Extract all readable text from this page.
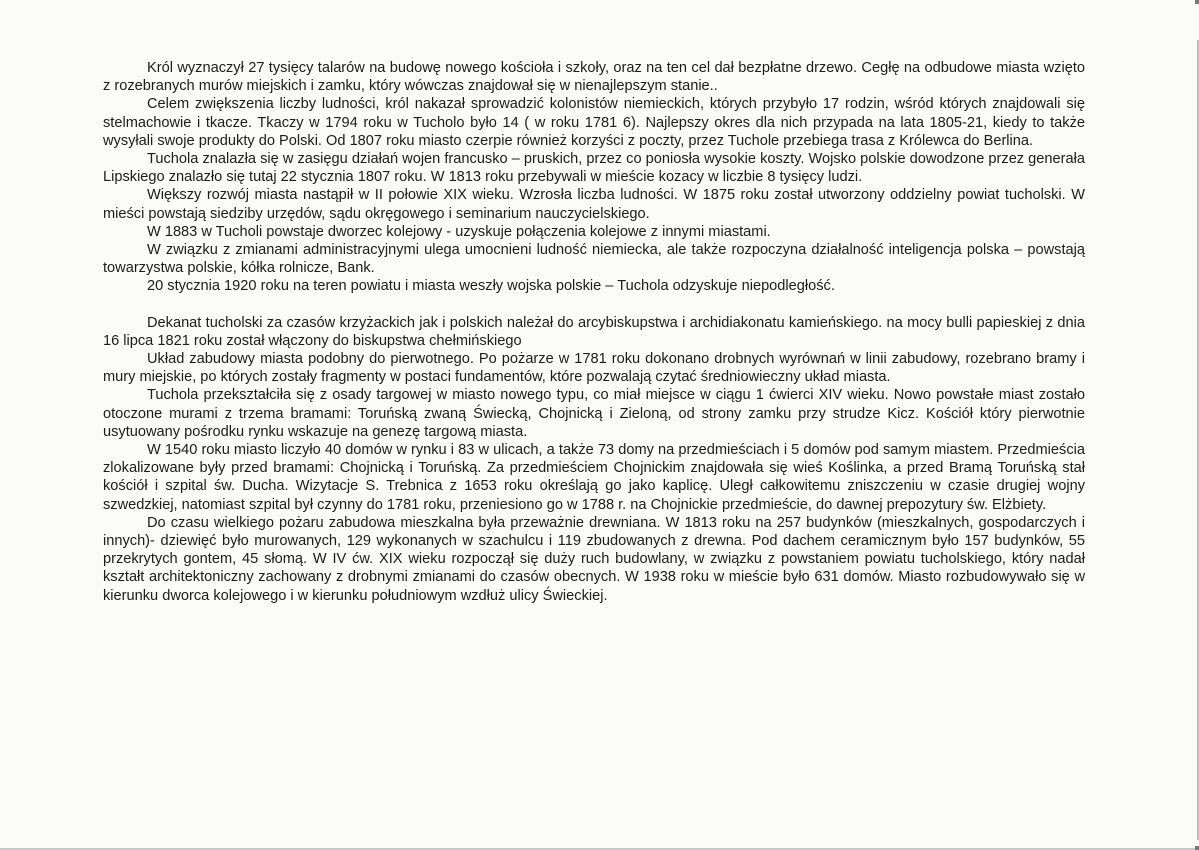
Król wyznaczył 27 tysięcy talarów na budowę nowego kościoła i szkoły, oraz na ten cel dał bezpłatne drzewo. Cegłę na odbudowe miasta wzięto z rozebranych murów miejskich i zamku, który wówczas znajdował się w nienajlepszym stanie..

Celem zwiększenia liczby ludności, król nakazał sprowadzić kolonistów niemieckich, których przybyło 17 rodzin, wśród których znajdowali się stelmachowie i tkacze. Tkaczy w 1794 roku w Tucholo było 14 ( w roku 1781 6). Najlepszy okres dla nich przypada na lata 1805-21, kiedy to także wysyłali swoje produkty do Polski. Od 1807 roku miasto czerpie również korzyści z poczty, przez Tuchole przebiega trasa z Królewca do Berlina.

Tuchola znalazła się w zasięgu działań wojen francusko – pruskich, przez co poniosła wysokie koszty. Wojsko polskie dowodzone przez generała Lipskiego znalazło się tutaj 22 stycznia 1807 roku. W 1813 roku przebywali w mieście kozacy w liczbie 8 tysięcy ludzi.

Większy rozwój miasta nastąpił w II połowie XIX wieku. Wzrosła liczba ludności. W 1875 roku został utworzony oddzielny powiat tucholski. W mieści powstają siedziby urzędów, sądu okręgowego i seminarium nauczycielskiego.

W 1883 w Tucholi powstaje dworzec kolejowy - uzyskuje połączenia kolejowe z innymi miastami.

W związku z zmianami administracyjnymi ulega umocnieni ludność niemiecka, ale także rozpoczyna działalność inteligencja polska – powstają towarzystwa polskie, kółka rolnicze, Bank.

20 stycznia 1920 roku na teren powiatu i miasta weszły wojska polskie – Tuchola odzyskuje niepodległość.

Dekanat tucholski za czasów krzyżackich jak i polskich należał do arcybiskupstwa i archidiakonatu kamieńskiego. na mocy bulli papieskiej z dnia 16 lipca 1821 roku został włączony do biskupstwa chełmińskiego

Układ zabudowy miasta podobny do pierwotnego. Po pożarze w 1781 roku dokonano drobnych wyrównań w linii zabudowy, rozebrano bramy i mury miejskie, po których zostały fragmenty w postaci fundamentów, które pozwalają czytać średniowieczny układ miasta.

Tuchola przekształciła się z osady targowej w miasto nowego typu, co miał miejsce w ciągu 1 ćwierci XIV wieku. Nowo powstałe miast zostało otoczone murami z trzema bramami: Toruńską zwaną Świecką, Chojnicką i Zieloną, od strony zamku przy strudze Kicz. Kościół który pierwotnie usytuowany pośrodku rynku wskazuje na genezę targową miasta.

W 1540 roku miasto liczyło 40 domów w rynku i 83 w ulicach, a także 73 domy na przedmieściach i 5 domów pod samym miastem. Przedmieścia zlokalizowane były przed bramami: Chojnicką i Toruńską. Za przedmieściem Chojnickim znajdowała się wieś Koślinka, a przed Bramą Toruńską stał kościół i szpital św. Ducha. Wizytacje S. Trebnica z 1653 roku określają go jako kaplicę. Uległ całkowitemu zniszczeniu w czasie drugiej wojny szwedzkiej, natomiast szpital był czynny do 1781 roku, przeniesiono go w 1788 r. na Chojnickie przedmieście, do dawnej prepozytury św. Elżbiety.

Do czasu wielkiego pożaru zabudowa mieszkalna była przeważnie drewniana. W 1813 roku na 257 budynków (mieszkalnych, gospodarczych i innych)- dziewięć było murowanych, 129 wykonanych w szachulcu i 119 zbudowanych z drewna. Pod dachem ceramicznym było 157 budynków, 55 przekrytych gontem, 45 słomą. W IV ćw. XIX wieku rozpoczął się duży ruch budowlany, w związku z powstaniem powiatu tucholskiego, który nadał kształt architektoniczny zachowany z drobnymi zmianami do czasów obecnych. W 1938 roku w mieście było 631 domów. Miasto rozbudowywało się w kierunku dworca kolejowego i w kierunku południowym wzdłuż ulicy Świeckiej.
